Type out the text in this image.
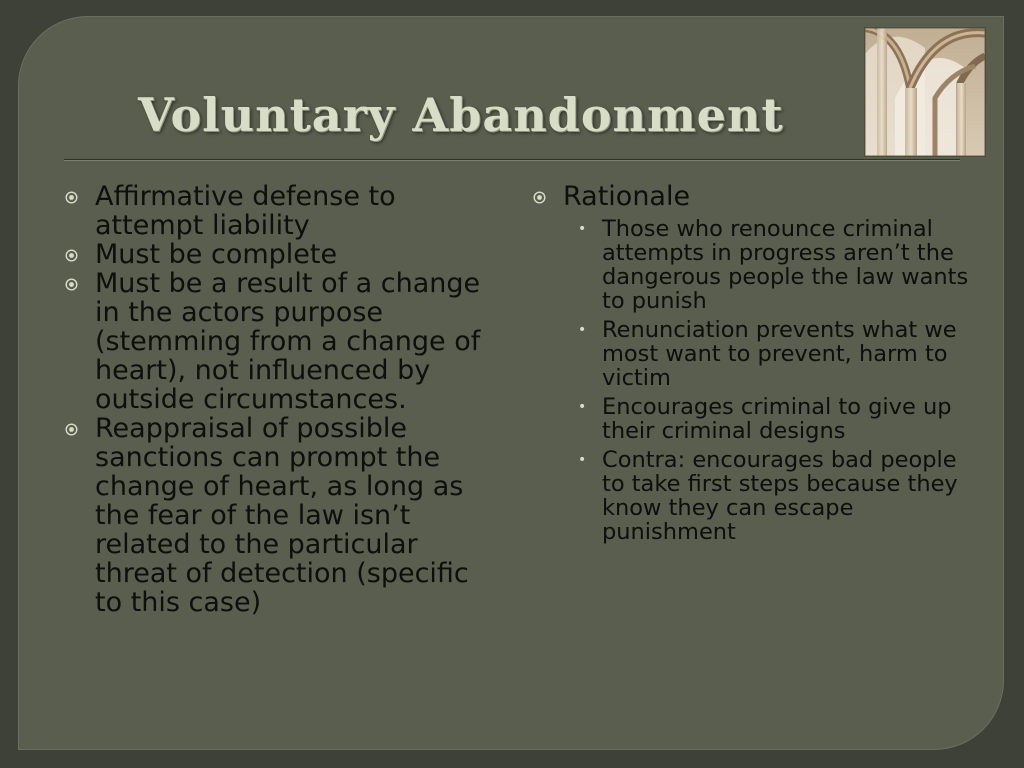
Voluntary Abandonment
Affirmative defense to attempt liability
Must be complete
Must be a result of a change in the actors purpose (stemming from a change of heart), not influenced by outside circumstances.
Reappraisal of possible sanctions can prompt the change of heart, as long as the fear of the law isn’t related to the particular threat of detection (specific to this case)
Rationale
• Those who renounce criminal attempts in progress aren’t the dangerous people the law wants to punish
• Renunciation prevents what we most want to prevent, harm to victim
• Encourages criminal to give up their criminal designs
• Contra: encourages bad people to take first steps because they know they can escape punishment
